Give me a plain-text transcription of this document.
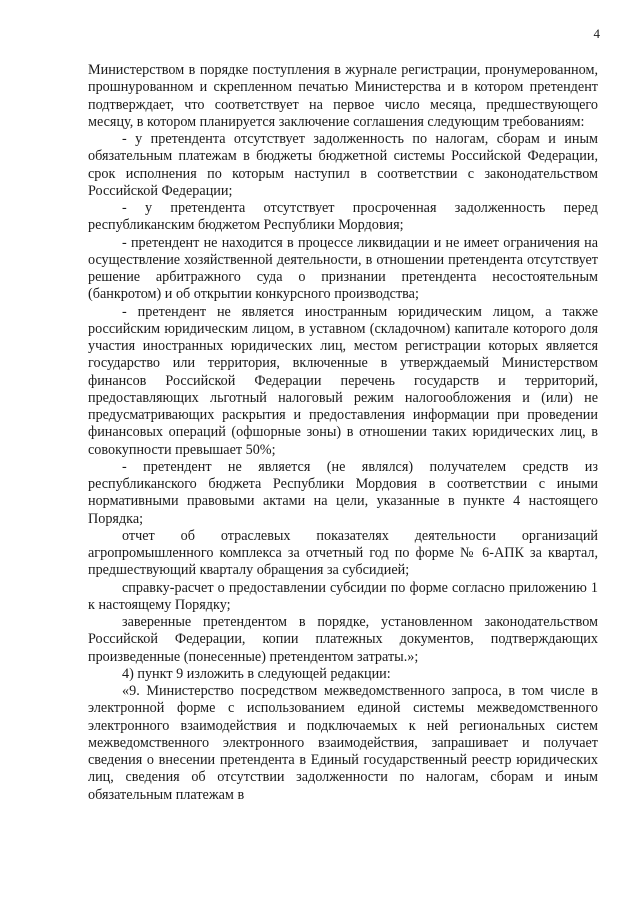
4

Министерством в порядке поступления в журнале регистрации, пронумерованном, прошнурованном и скрепленном печатью Министерства и в котором претендент подтверждает, что соответствует на первое число месяца, предшествующего месяцу, в котором планируется заключение соглашения следующим требованиям:

- у претендента отсутствует задолженность по налогам, сборам и иным обязательным платежам в бюджеты бюджетной системы Российской Федерации, срок исполнения по которым наступил в соответствии с законодательством Российской Федерации;

- у претендента отсутствует просроченная задолженность перед республиканским бюджетом Республики Мордовия;

- претендент не находится в процессе ликвидации и не имеет ограничения на осуществление хозяйственной деятельности, в отношении претендента отсутствует решение арбитражного суда о признании претендента несостоятельным (банкротом) и об открытии конкурсного производства;

- претендент не является иностранным юридическим лицом, а также российским юридическим лицом, в уставном (складочном) капитале которого доля участия иностранных юридических лиц, местом регистрации которых является государство или территория, включенные в утверждаемый Министерством финансов Российской Федерации перечень государств и территорий, предоставляющих льготный налоговый режим налогообложения и (или) не предусматривающих раскрытия и предоставления информации при проведении финансовых операций (офшорные зоны) в отношении таких юридических лиц, в совокупности превышает 50%;

- претендент не является (не являлся) получателем средств из республиканского бюджета Республики Мордовия в соответствии с иными нормативными правовыми актами на цели, указанные в пункте 4 настоящего Порядка;

отчет об отраслевых показателях деятельности организаций агропромышленного комплекса за отчетный год по форме № 6-АПК за квартал, предшествующий кварталу обращения за субсидией;

справку-расчет о предоставлении субсидии по форме согласно приложению 1 к настоящему Порядку;

заверенные претендентом в порядке, установленном законодательством Российской Федерации, копии платежных документов, подтверждающих произведенные (понесенные) претендентом затраты.»;

4) пункт 9 изложить в следующей редакции:

«9. Министерство посредством межведомственного запроса, в том числе в электронной форме с использованием единой системы межведомственного электронного взаимодействия и подключаемых к ней региональных систем межведомственного электронного взаимодействия, запрашивает и получает сведения о внесении претендента в Единый государственный реестр юридических лиц, сведения об отсутствии задолженности по налогам, сборам и иным обязательным платежам в
